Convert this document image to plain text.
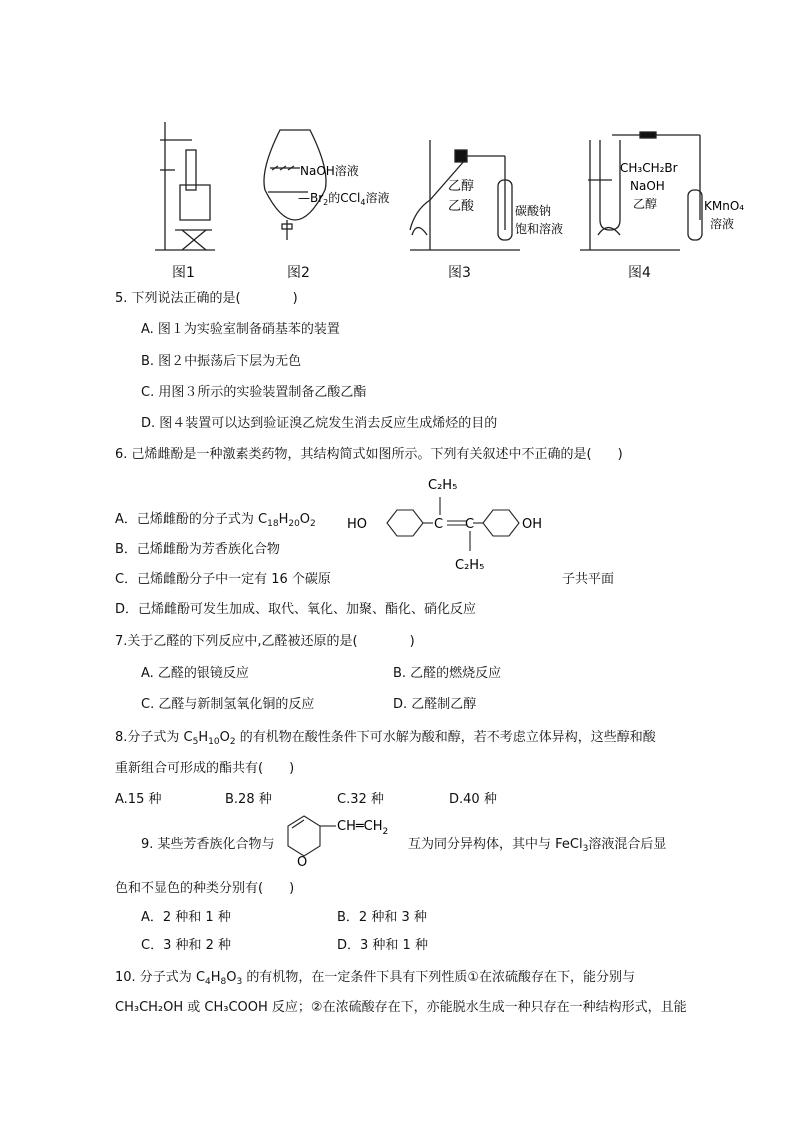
NaOH溶液
$—Br_2$的CCl$_4$溶液
乙醇
乙酸	碳酸钠
饱和溶液
CH₃CH₂Br
NaOH
乙醇	KMnO₄
溶液
图1	图2	图3	图4
5. 下列说法正确的是(　　　　)
A. 图１为实验室制备硝基苯的装置
B. 图２中振荡后下层为无色
C. 用图３所示的实验装置制备乙酸乙酯
D. 图４装置可以达到验证溴乙烷发生消去反应生成烯烃的目的
6. 己烯雌酚是一种激素类药物，其结构简式如图所示。下列有关叙述中不正确的是(　　)
A．己烯雌酚的分子式为 $C_{18}H_{20}O_2$
B．己烯雌酚为芳香族化合物
C．己烯雌酚分子中一定有 16 个碳原	子共平面
D．己烯雌酚可发生加成、取代、氧化、加聚、酯化、硝化反应
C₂H₅
HO	C C	OH
C₂H₅
7.关于乙醛的下列反应中,乙醛被还原的是(　　　　)
A. 乙醛的银镜反应	B. 乙醛的燃烧反应
C. 乙醛与新制氢氧化铜的反应	D. 乙醛制乙醇
8.分子式为 $C_5H_{10}O_2$ 的有机物在酸性条件下可水解为酸和醇，若不考虑立体异构，这些醇和酸
重新组合可形成的酯共有(　　)
A.15 种	B.28 种	C.32 种	D.40 种
9. 某些芳香族化合物与
O
$CH═CH_2$
互为同分异构体，其中与 FeCl$_3$溶液混合后显
色和不显色的种类分别有(　　)
A．2 种和 1 种	B．2 种和 3 种
C．3 种和 2 种	D．3 种和 1 种
10. 分子式为 $C_4H_8O_3$ 的有机物，在一定条件下具有下列性质①在浓硫酸存在下，能分别与
CH₃CH₂OH 或 CH₃COOH 反应；②在浓硫酸存在下，亦能脱水生成一种只存在一种结构形式，且能
